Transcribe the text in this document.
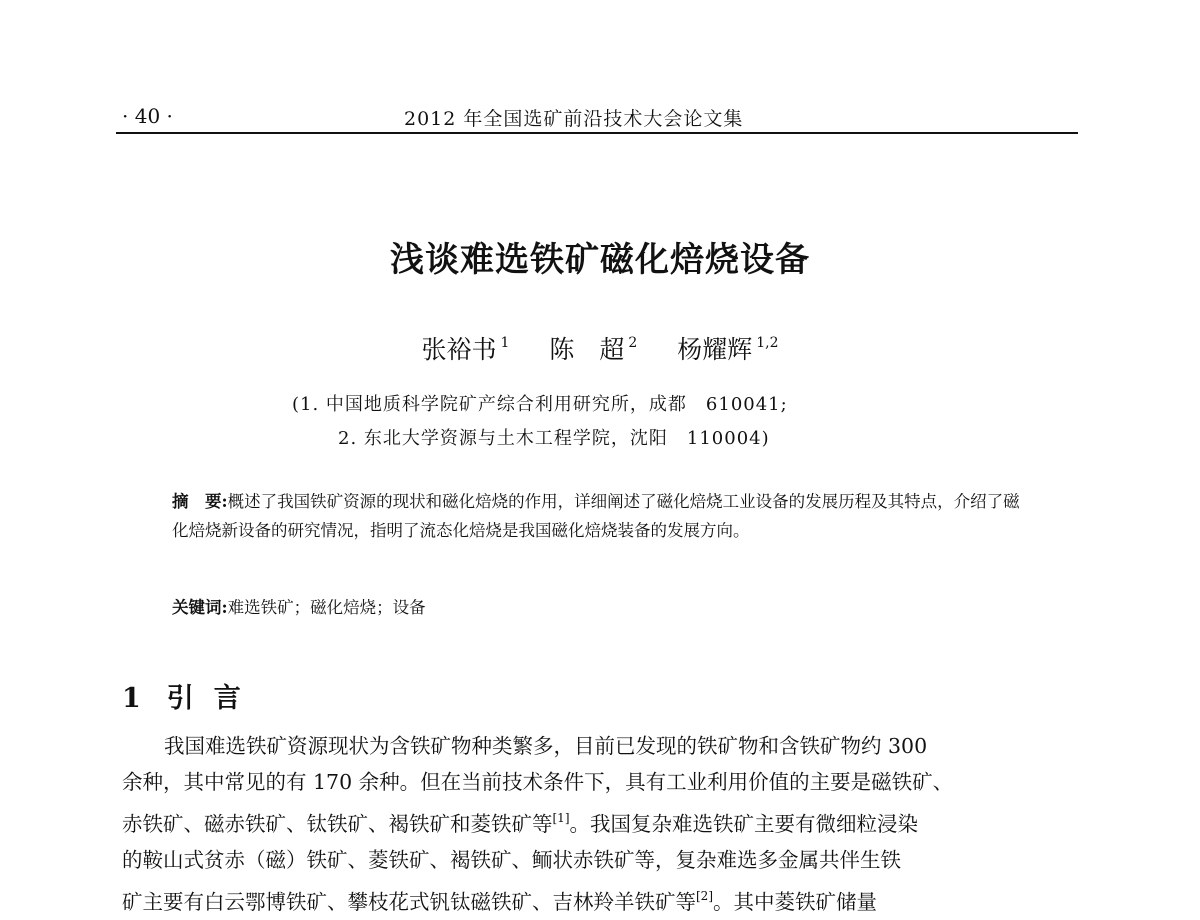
· 40 ·	2012 年全国选矿前沿技术大会论文集
浅谈难选铁矿磁化焙烧设备
张裕书 $^1$ 陈　超 $^2$ 杨耀辉 $^{1,2}$
(1. 中国地质科学院矿产综合利用研究所，成都　610041;
2. 东北大学资源与土木工程学院，沈阳　110004)
摘　要:概述了我国铁矿资源的现状和磁化焙烧的作用，详细阐述了磁化焙烧工业设备的发展历程及其特点，介绍了磁化焙烧新设备的研究情况，指明了流态化焙烧是我国磁化焙烧装备的发展方向。
关键词:难选铁矿；磁化焙烧；设备
1 引言
我国难选铁矿资源现状为含铁矿物种类繁多，目前已发现的铁矿物和含铁矿物约 300
余种，其中常见的有 170 余种。但在当前技术条件下，具有工业利用价值的主要是磁铁矿、
赤铁矿、磁赤铁矿、钛铁矿、褐铁矿和菱铁矿等[1]。我国复杂难选铁矿主要有微细粒浸染
的鞍山式贫赤（磁）铁矿、菱铁矿、褐铁矿、鲕状赤铁矿等，复杂难选多金属共伴生铁
矿主要有白云鄂博铁矿、攀枝花式钒钛磁铁矿、吉林羚羊铁矿等[2]。其中菱铁矿储量
